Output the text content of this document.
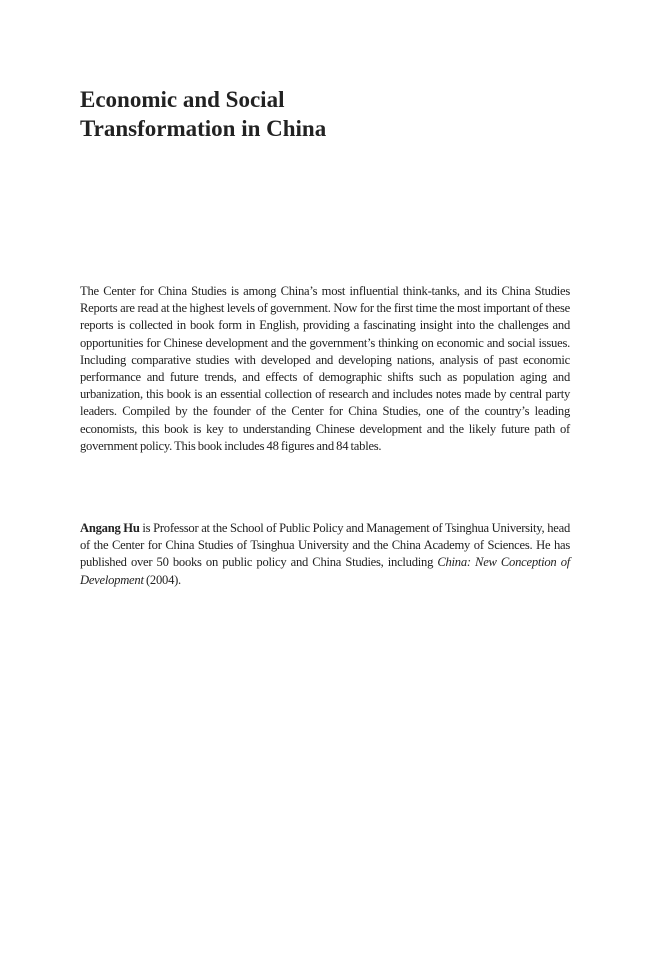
Economic and Social
Transformation in China

The Center for China Studies is among China’s most influential think-tanks, and its China Studies Reports are read at the highest levels of government. Now for the first time the most important of these reports is collected in book form in English, providing a fascinating insight into the challenges and opportunities for Chinese development and the government’s thinking on economic and social issues. Including comparative studies with developed and developing nations, analysis of past economic performance and future trends, and effects of demographic shifts such as population aging and urbanization, this book is an essential collection of research and includes notes made by central party leaders. Compiled by the founder of the Center for China Studies, one of the country’s leading economists, this book is key to understanding Chinese development and the likely future path of government policy. This book includes 48 figures and 84 tables.

Angang Hu is Professor at the School of Public Policy and Management of Tsinghua University, head of the Center for China Studies of Tsinghua University and the China Academy of Sciences. He has published over 50 books on public policy and China Studies, including China: New Conception of Development (2004).
